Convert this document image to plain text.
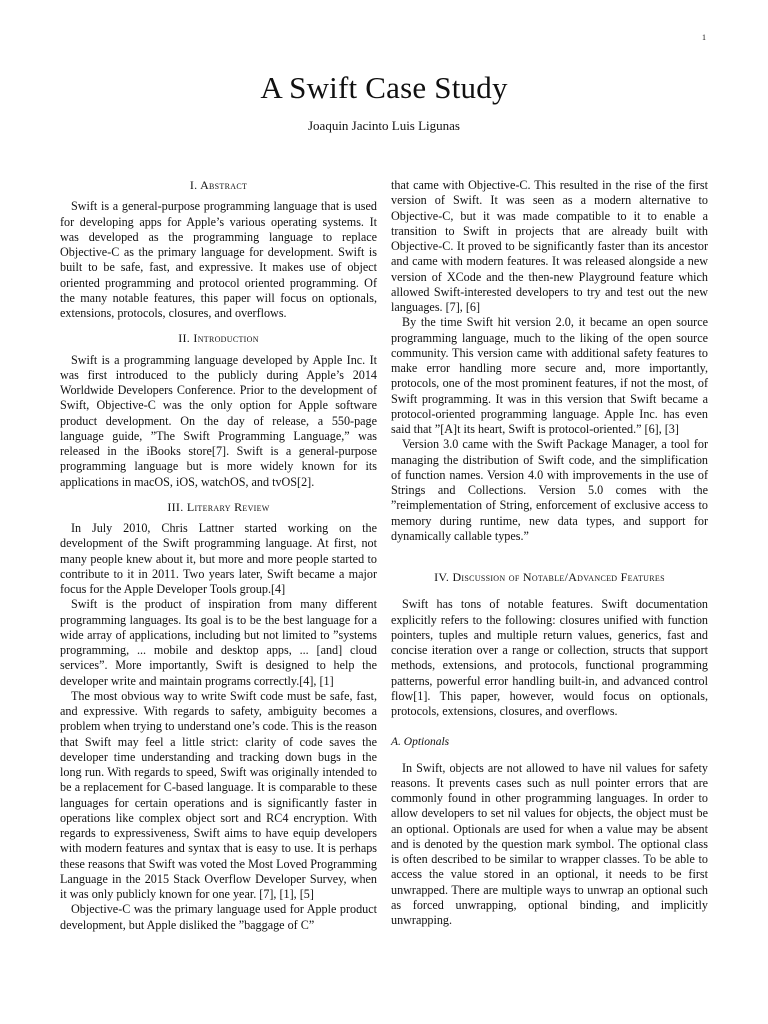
1
A Swift Case Study
Joaquin Jacinto Luis Ligunas
I. Abstract

Swift is a general-purpose programming language that is used for developing apps for Apple’s various operating systems. It was developed as the programming language to replace Objective-C as the primary language for development. Swift is built to be safe, fast, and expressive. It makes use of object oriented programming and protocol oriented programming. Of the many notable features, this paper will focus on optionals, extensions, protocols, closures, and overflows.

II. Introduction

Swift is a programming language developed by Apple Inc. It was first introduced to the publicly during Apple’s 2014 Worldwide Developers Conference. Prior to the development of Swift, Objective-C was the only option for Apple software product development. On the day of release, a 550-page language guide, ”The Swift Programming Language,” was released in the iBooks store[7]. Swift is a general-purpose programming language but is more widely known for its applications in macOS, iOS, watchOS, and tvOS[2].

III. Literary Review

In July 2010, Chris Lattner started working on the development of the Swift programming language. At first, not many people knew about it, but more and more people started to contribute to it in 2011. Two years later, Swift became a major focus for the Apple Developer Tools group.[4]

Swift is the product of inspiration from many different programming languages. Its goal is to be the best language for a wide array of applications, including but not limited to ”systems programming, ... mobile and desktop apps, ... [and] cloud services”. More importantly, Swift is designed to help the developer write and maintain programs correctly.[4], [1]

The most obvious way to write Swift code must be safe, fast, and expressive. With regards to safety, ambiguity becomes a problem when trying to understand one’s code. This is the reason that Swift may feel a little strict: clarity of code saves the developer time understanding and tracking down bugs in the long run. With regards to speed, Swift was originally intended to be a replacement for C-based language. It is comparable to these languages for certain operations and is significantly faster in operations like complex object sort and RC4 encryption. With regards to expressiveness, Swift aims to have equip developers with modern features and syntax that is easy to use. It is perhaps these reasons that Swift was voted the Most Loved Programming Language in the 2015 Stack Overflow Developer Survey, when it was only publicly known for one year. [7], [1], [5]

Objective-C was the primary language used for Apple product development, but Apple disliked the ”baggage of C”

that came with Objective-C. This resulted in the rise of the first version of Swift. It was seen as a modern alternative to Objective-C, but it was made compatible to it to enable a transition to Swift in projects that are already built with Objective-C. It proved to be significantly faster than its ancestor and came with modern features. It was released alongside a new version of XCode and the then-new Playground feature which allowed Swift-interested developers to try and test out the new languages. [7], [6]

By the time Swift hit version 2.0, it became an open source programming language, much to the liking of the open source community. This version came with additional safety features to make error handling more secure and, more importantly, protocols, one of the most prominent features, if not the most, of Swift programming. It was in this version that Swift became a protocol-oriented programming language. Apple Inc. has even said that ”[A]t its heart, Swift is protocol-oriented.” [6], [3]

Version 3.0 came with the Swift Package Manager, a tool for managing the distribution of Swift code, and the simplification of function names. Version 4.0 with improvements in the use of Strings and Collections. Version 5.0 comes with the ”reimplementation of String, enforcement of exclusive access to memory during runtime, new data types, and support for dynamically callable types.”

IV. Discussion of Notable/Advanced Features

Swift has tons of notable features. Swift documentation explicitly refers to the following: closures unified with function pointers, tuples and multiple return values, generics, fast and concise iteration over a range or collection, structs that support methods, extensions, and protocols, functional programming patterns, powerful error handling built-in, and advanced control flow[1]. This paper, however, would focus on optionals, protocols, extensions, closures, and overflows.

A. Optionals

In Swift, objects are not allowed to have nil values for safety reasons. It prevents cases such as null pointer errors that are commonly found in other programming languages. In order to allow developers to set nil values for objects, the object must be an optional. Optionals are used for when a value may be absent and is denoted by the question mark symbol. The optional class is often described to be similar to wrapper classes. To be able to access the value stored in an optional, it needs to be first unwrapped. There are multiple ways to unwrap an optional such as forced unwrapping, optional binding, and implicitly unwrapping.
